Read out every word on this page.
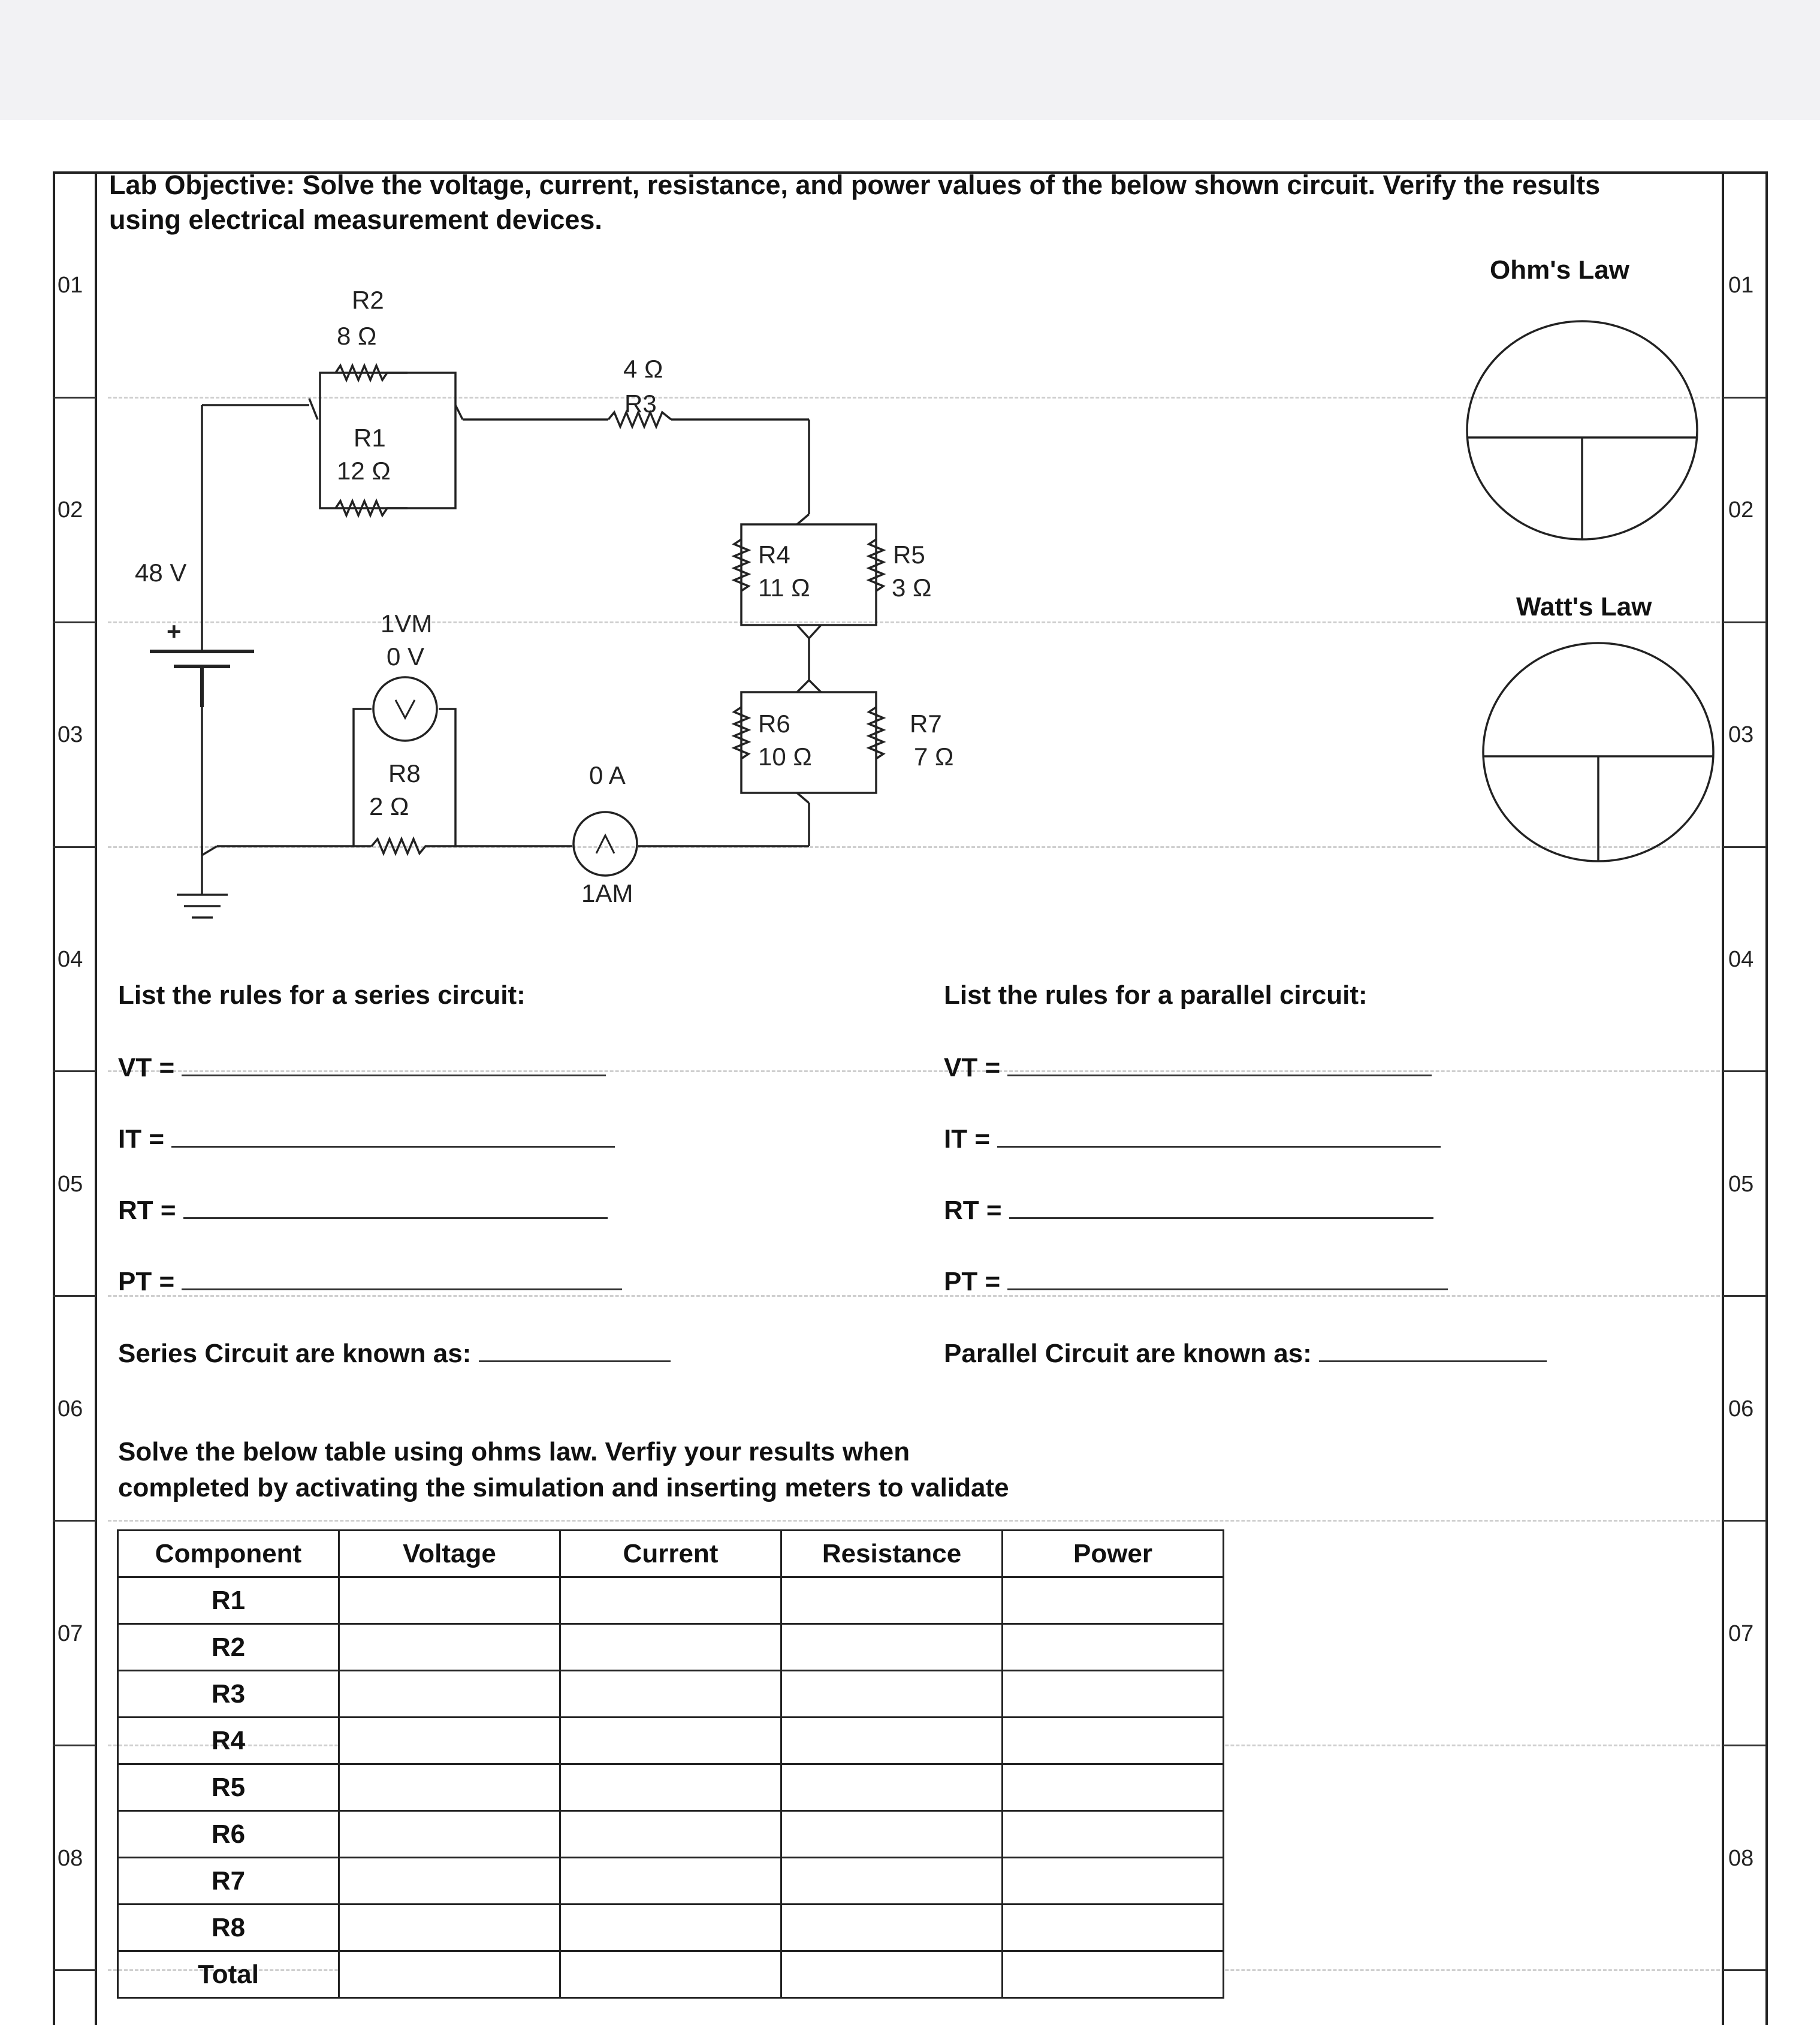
01	01
02	02
03	03
04	04
05	05
06	06
07	07
08	08
Lab Objective: Solve the voltage, current, resistance, and power values of the below shown circuit. Verify the results using electrical measurement devices.
48 V
+
R2
8 Ω
R1
12 Ω
4 Ω
R3
R4
11 Ω
R5
3 Ω
R6
10 Ω
R7
7 Ω
R8
2 Ω
1VM
0 V
0 A
1AM
Ohm's Law
Watt's Law
List the rules for a series circuit:
VT =
IT =
RT =
PT =
Series Circuit are known as:
List the rules for a parallel circuit:
VT =
IT =
RT =
PT =
Parallel Circuit are known as:
Solve the below table using ohms law. Verfiy your results when
completed by activating the simulation and inserting meters to validate
Component	Voltage	Current	Resistance	Power
R1				
R2				
R3				
R4				
R5				
R6				
R7				
R8				
Total				
